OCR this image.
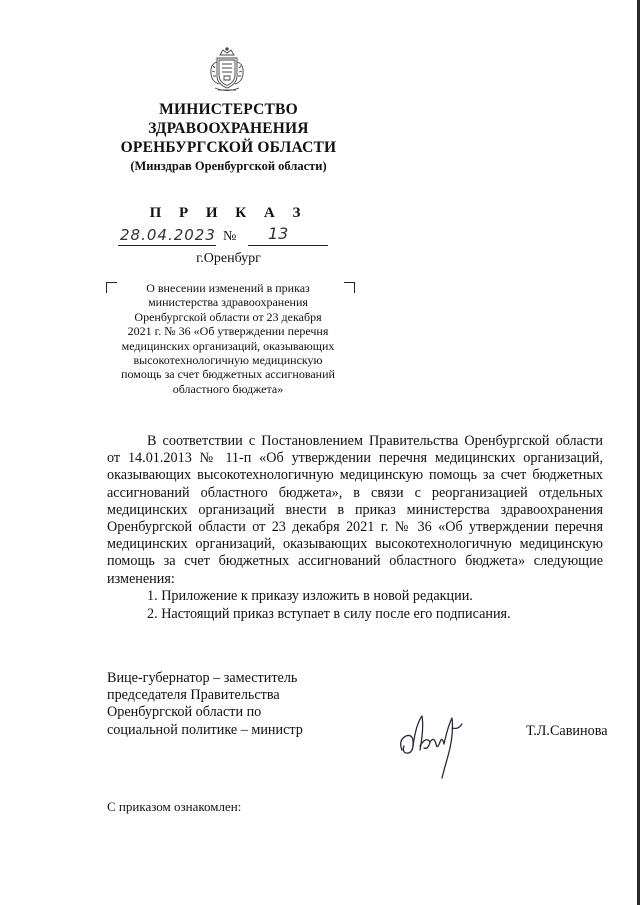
МИНИСТЕРСТВО
ЗДРАВООХРАНЕНИЯ
ОРЕНБУРГСКОЙ ОБЛАСТИ
(Минздрав Оренбургской области)
П Р И К А З
28.04.2023 № 13
г.Оренбург
О внесении изменений в приказ
министерства здравоохранения
Оренбургской области от 23 декабря
2021 г. № 36 «Об утверждении перечня
медицинских организаций, оказывающих
высокотехнологичную медицинскую
помощь за счет бюджетных ассигнований
областного бюджета»
В соответствии с Постановлением Правительства Оренбургской области от 14.01.2013 № 11-п «Об утверждении перечня медицинских организаций, оказывающих высокотехнологичную медицинскую помощь за счет бюджетных ассигнований областного бюджета», в связи с реорганизацией отдельных медицинских организаций внести в приказ министерства здравоохранения Оренбургской области от 23 декабря 2021 г. № 36 «Об утверждении перечня медицинских организаций, оказывающих высокотехнологичную медицинскую помощь за счет бюджетных ассигнований областного бюджета» следующие изменения:
1. Приложение к приказу изложить в новой редакции.
2. Настоящий приказ вступает в силу после его подписания.
Вице-губернатор – заместитель
председателя Правительства
Оренбургской области по
социальной политике – министр	Т.Л.Савинова
С приказом ознакомлен:
